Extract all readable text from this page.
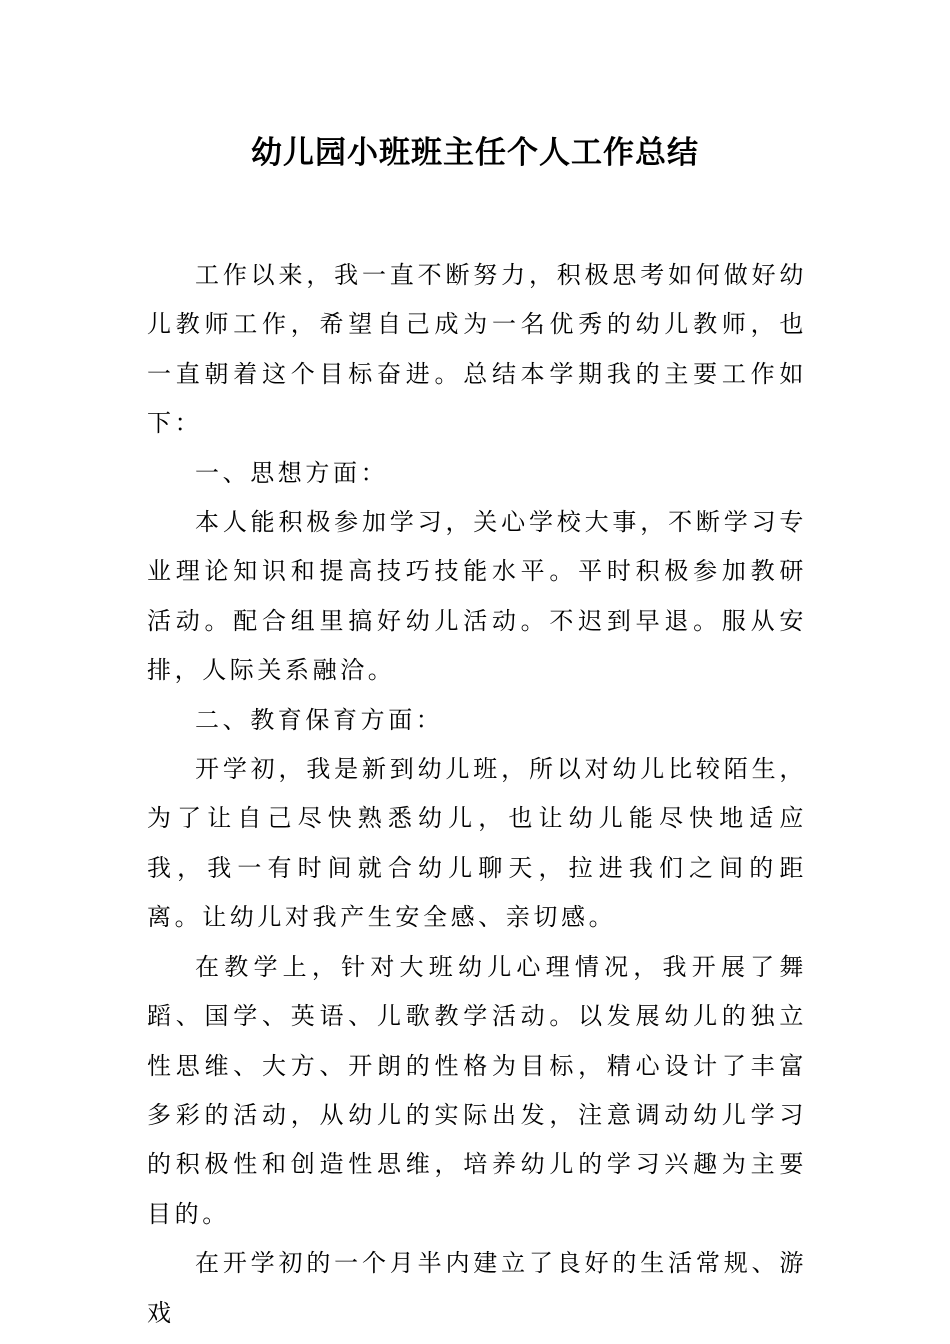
幼儿园小班班主任个人工作总结

工作以来，我一直不断努力，积极思考如何做好幼儿教师工作，希望自己成为一名优秀的幼儿教师，也一直朝着这个目标奋进。总结本学期我的主要工作如下：

一、思想方面：

本人能积极参加学习，关心学校大事，不断学习专业理论知识和提高技巧技能水平。平时积极参加教研活动。配合组里搞好幼儿活动。不迟到早退。服从安排，人际关系融洽。

二、教育保育方面：

开学初，我是新到幼儿班，所以对幼儿比较陌生，为了让自己尽快熟悉幼儿，也让幼儿能尽快地适应我，我一有时间就合幼儿聊天，拉进我们之间的距离。让幼儿对我产生安全感、亲切感。

在教学上，针对大班幼儿心理情况，我开展了舞蹈、国学、英语、儿歌教学活动。以发展幼儿的独立性思维、大方、开朗的性格为目标，精心设计了丰富多彩的活动，从幼儿的实际出发，注意调动幼儿学习的积极性和创造性思维，培养幼儿的学习兴趣为主要目的。

在开学初的一个月半内建立了良好的生活常规、游戏
